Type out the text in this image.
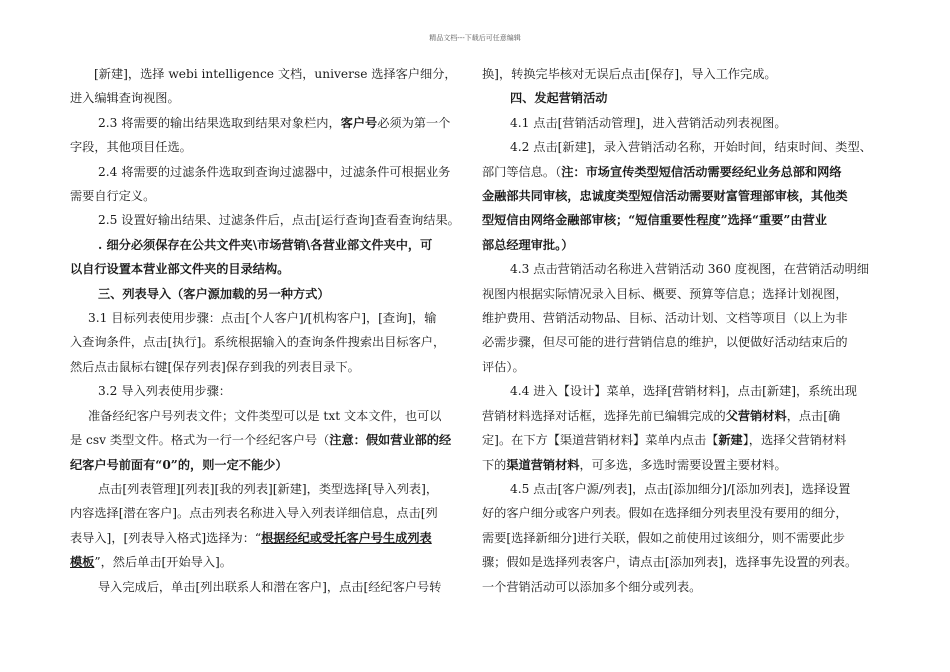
精品文档---下载后可任意编辑

[新建]，选择 webi intelligence 文档，universe 选择客户细分，

进入编辑查询视图。

2.3 将需要的输出结果选取到结果对象栏内，客户号必须为第一个

字段，其他项目任选。

2.4 将需要的过滤条件选取到查询过滤器中，过滤条件可根据业务

需要自行定义。

2.5 设置好输出结果、过滤条件后，点击[运行查询]查看查询结果。

. 细分必须保存在公共文件夹\市场营销\各营业部文件夹中，可

以自行设置本营业部文件夹的目录结构。

三、列表导入（客户源加载的另一种方式）

3.1 目标列表使用步骤：点击[个人客户]/[机构客户]，[查询]，输

入查询条件，点击[执行]。系统根据输入的查询条件搜索出目标客户，

然后点击鼠标右键[保存列表]保存到我的列表目录下。

3.2 导入列表使用步骤：

准备经纪客户号列表文件；文件类型可以是 txt 文本文件，也可以

是 csv 类型文件。格式为一行一个经纪客户号（注意：假如营业部的经

纪客户号前面有“0”的，则一定不能少）

点击[列表管理][列表][我的列表][新建]，类型选择[导入列表]，

内容选择[潜在客户]。点击列表名称进入导入列表详细信息，点击[列

表导入]，[列表导入格式]选择为：“根据经纪或受托客户号生成列表

模板”，然后单击[开始导入]。

导入完成后，单击[列出联系人和潜在客户]，点击[经纪客户号转

换]，转换完毕核对无误后点击[保存]，导入工作完成。

四、发起营销活动

4.1 点击[营销活动管理]，进入营销活动列表视图。

4.2 点击[新建]，录入营销活动名称，开始时间，结束时间、类型、

部门等信息。（注：市场宣传类型短信活动需要经纪业务总部和网络

金融部共同审核，忠诚度类型短信活动需要财富管理部审核，其他类

型短信由网络金融部审核；“短信重要性程度”选择“重要”由营业

部总经理审批。）

4.3 点击营销活动名称进入营销活动 360 度视图，在营销活动明细

视图内根据实际情况录入目标、概要、预算等信息；选择计划视图，

维护费用、营销活动物品、目标、活动计划、文档等项目（以上为非

必需步骤，但尽可能的进行营销信息的维护，以便做好活动结束后的

评估）。

4.4 进入【设计】菜单，选择[营销材料]，点击[新建]，系统出现

营销材料选择对话框，选择先前已编辑完成的父营销材料，点击[确

定]。在下方【渠道营销材料】菜单内点击【新建】，选择父营销材料

下的渠道营销材料，可多选，多选时需要设置主要材料。

4.5 点击[客户源/列表]，点击[添加细分]/[添加列表]，选择设置

好的客户细分或客户列表。假如在选择细分列表里没有要用的细分，

需要[选择新细分]进行关联，假如之前使用过该细分，则不需要此步

骤；假如是选择列表客户，请点击[添加列表]，选择事先设置的列表。

一个营销活动可以添加多个细分或列表。
